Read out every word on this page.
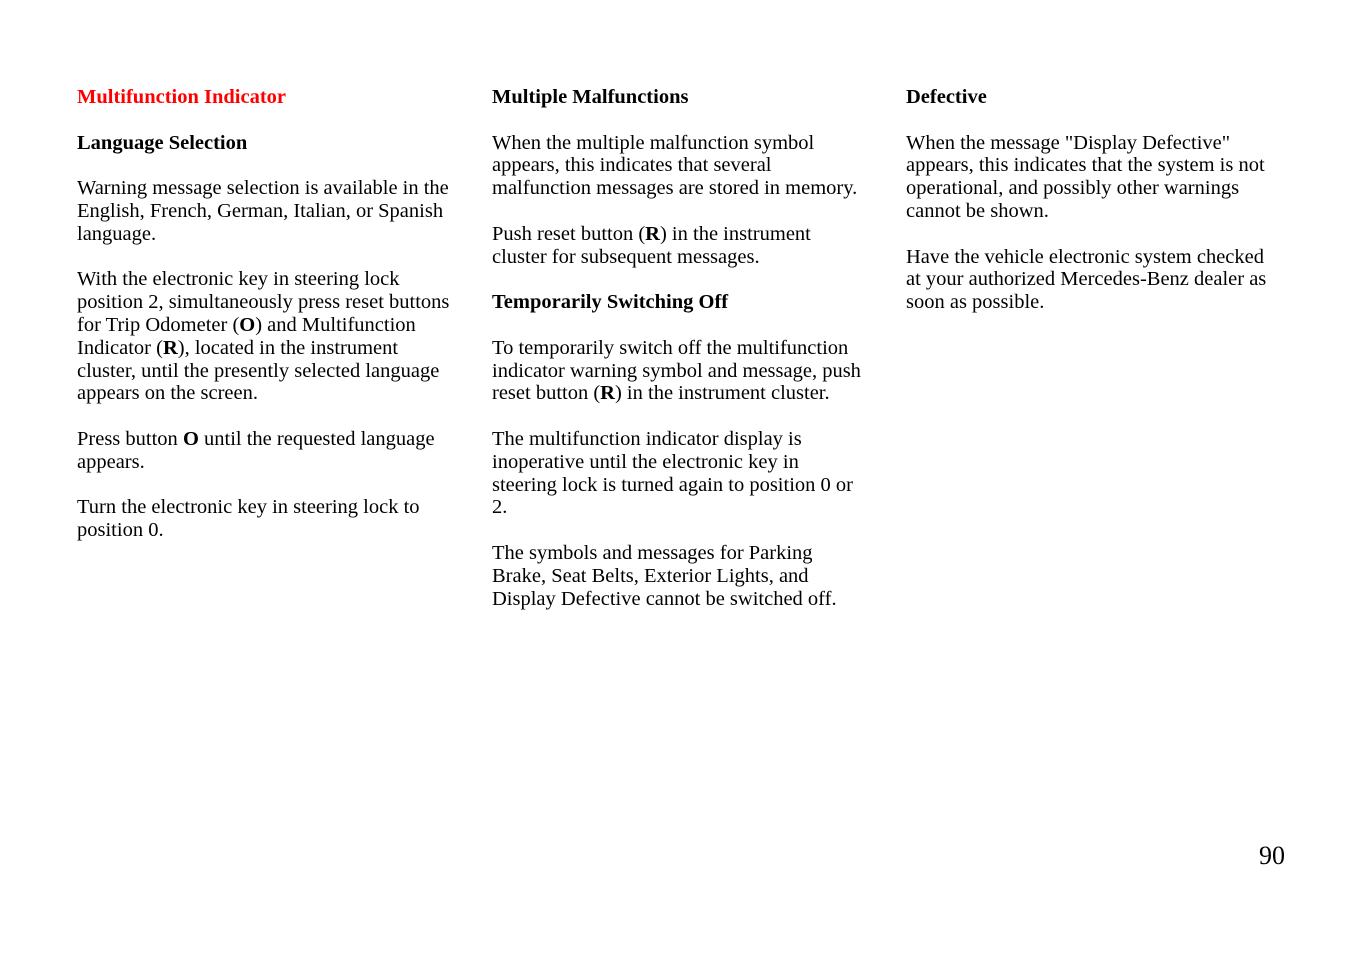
Multifunction Indicator
Language Selection
Warning message selection is available in the English, French, German, Italian, or Spanish language.
With the electronic key in steering lock position 2, simultaneously press reset buttons for Trip Odometer (O) and Multifunction Indicator (R), located in the instrument cluster, until the presently selected language appears on the screen.
Press button O until the requested language appears.
Turn the electronic key in steering lock to position 0.
Multiple Malfunctions
When the multiple malfunction symbol appears, this indicates that several malfunction messages are stored in memory.
Push reset button (R) in the instrument cluster for subsequent messages.
Temporarily Switching Off
To temporarily switch off the multifunction indicator warning symbol and message, push reset button (R) in the instrument cluster.
The multifunction indicator display is inoperative until the electronic key in steering lock is turned again to position 0 or 2.
The symbols and messages for Parking Brake, Seat Belts, Exterior Lights, and Display Defective cannot be switched off.
Defective
When the message "Display Defective" appears, this indicates that the system is not operational, and possibly other warnings cannot be shown.
Have the vehicle electronic system checked at your authorized Mercedes-Benz dealer as soon as possible.
90
